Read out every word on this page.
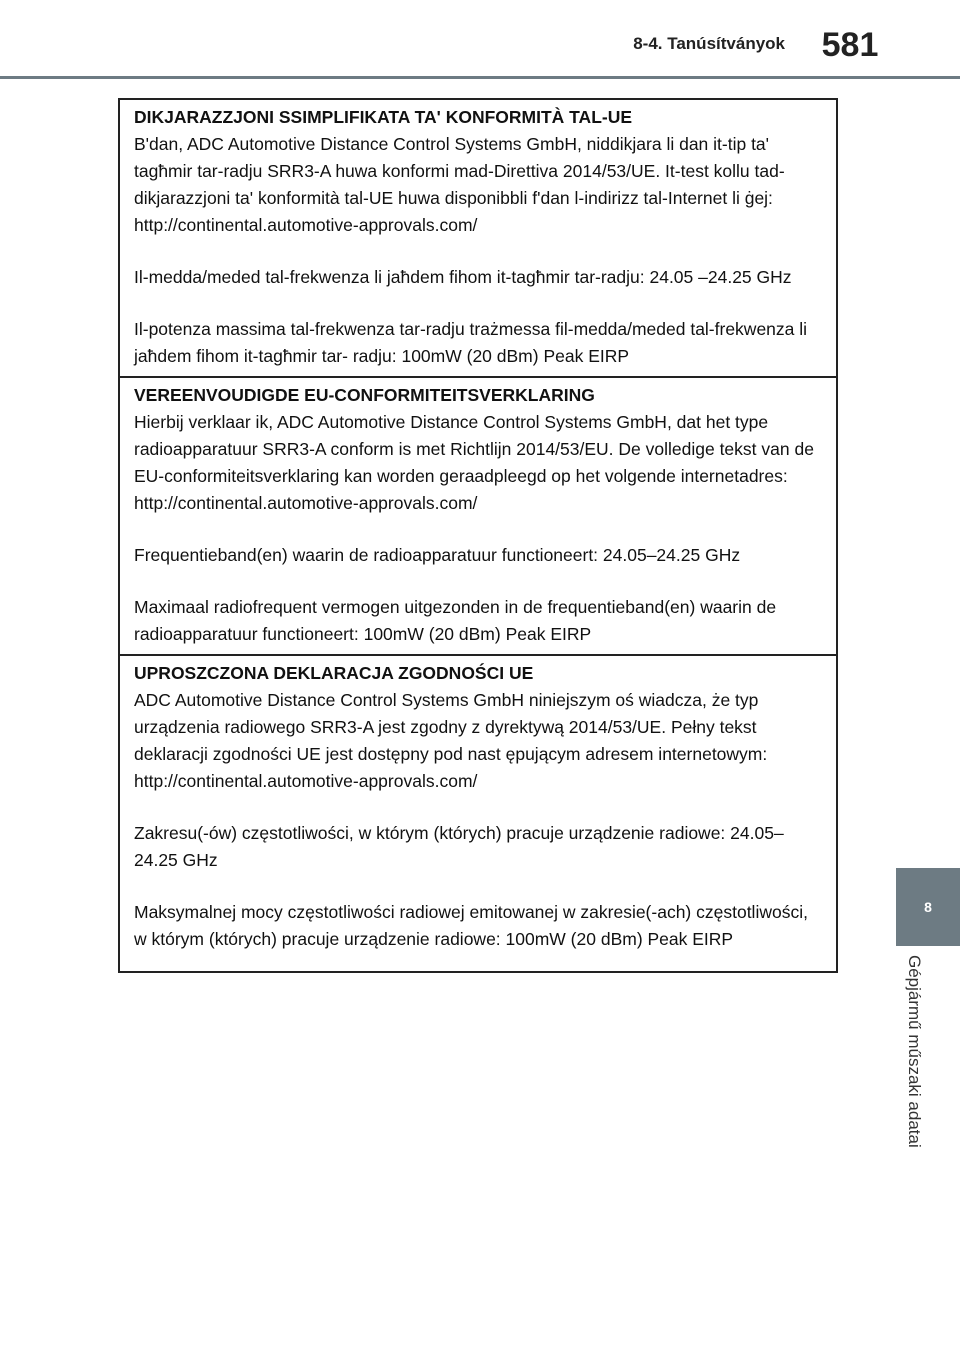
8-4. Tanúsítványok	581
8
Gépjármű műszaki adatai
DIKJARAZZJONI SSIMPLIFIKATA TA' KONFORMITÀ TAL-UE

B'dan, ADC Automotive Distance Control Systems GmbH, niddikjara li dan it-tip ta' tagħmir tar-radju SRR3-A huwa konformi mad-Direttiva 2014/53/UE. It-test kollu tad-dikjarazzjoni ta' konformità tal-UE huwa disponibbli f'dan l-indirizz tal-Internet li ġej:

http://continental.automotive-approvals.com/

Il-medda/meded tal-frekwenza li jaħdem fihom it-tagħmir tar-radju: 24.05 –24.25 GHz

Il-potenza massima tal-frekwenza tar-radju trażmessa fil-medda/meded tal-frekwenza li jaħdem fihom it-tagħmir tar- radju: 100mW (20 dBm) Peak EIRP

VEREENVOUDIGDE EU-CONFORMITEITSVERKLARING

Hierbij verklaar ik, ADC Automotive Distance Control Systems GmbH, dat het type radioapparatuur SRR3-A conform is met Richtlijn 2014/53/EU. De volledige tekst van de EU-conformiteitsverklaring kan worden geraadpleegd op het volgende internetadres:

http://continental.automotive-approvals.com/

Frequentieband(en) waarin de radioapparatuur functioneert: 24.05–24.25 GHz

Maximaal radiofrequent vermogen uitgezonden in de frequentieband(en) waarin de radioapparatuur functioneert: 100mW (20 dBm) Peak EIRP

UPROSZCZONA DEKLARACJA ZGODNOŚCI UE

ADC Automotive Distance Control Systems GmbH niniejszym oś wiadcza, że typ urządzenia radiowego SRR3-A jest zgodny z dyrektywą 2014/53/UE. Pełny tekst deklaracji zgodności UE jest dostępny pod nast ępującym adresem internetowym:

http://continental.automotive-approvals.com/

Zakresu(-ów) częstotliwości, w którym (których) pracuje urządzenie radiowe: 24.05–24.25 GHz

Maksymalnej mocy częstotliwości radiowej emitowanej w zakresie(-ach) częstotliwości, w którym (których) pracuje urządzenie radiowe: 100mW (20 dBm) Peak EIRP
